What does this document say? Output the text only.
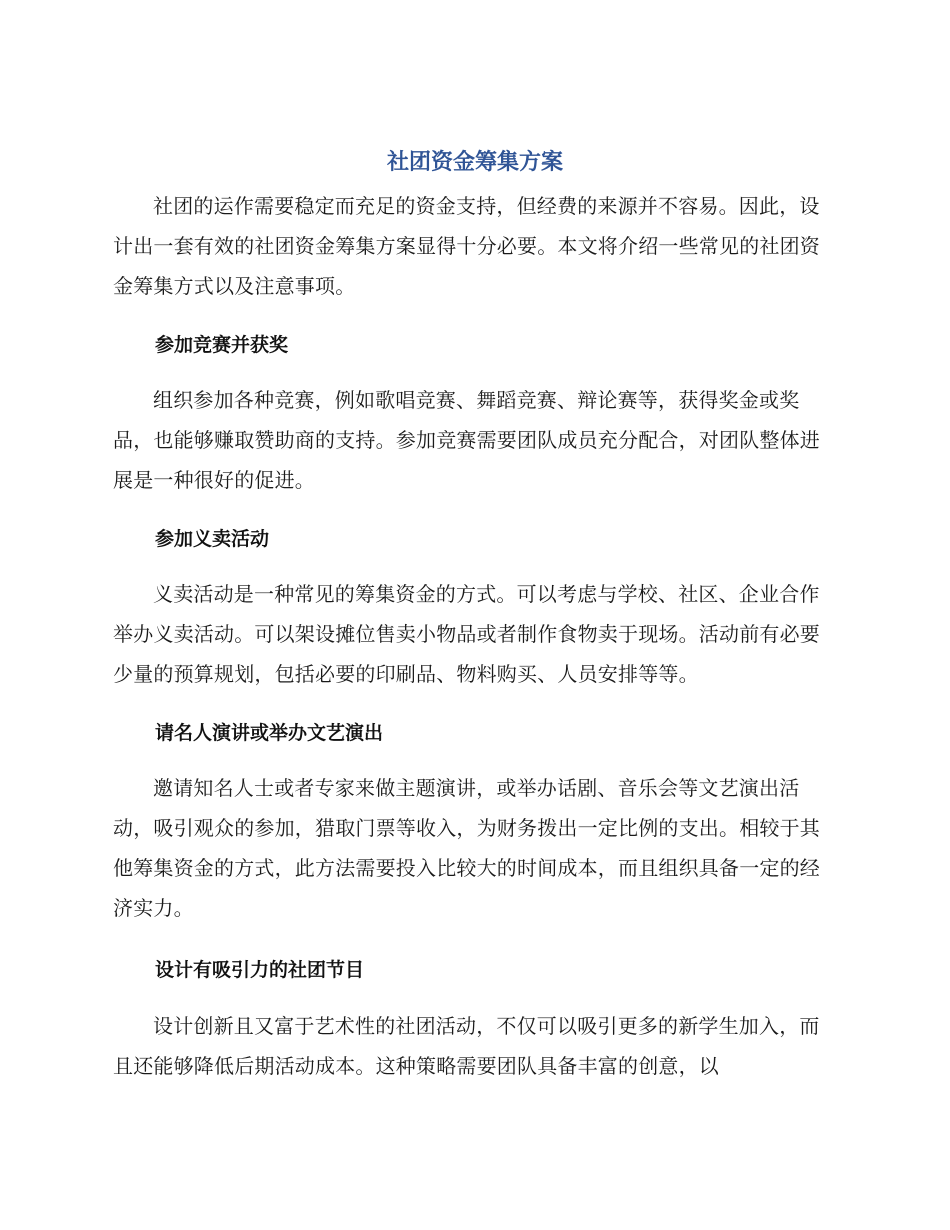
社团资金筹集方案

社团的运作需要稳定而充足的资金支持，但经费的来源并不容易。因此，设计出一套有效的社团资金筹集方案显得十分必要。本文将介绍一些常见的社团资金筹集方式以及注意事项。

参加竞赛并获奖

组织参加各种竞赛，例如歌唱竞赛、舞蹈竞赛、辩论赛等，获得奖金或奖品，也能够赚取赞助商的支持。参加竞赛需要团队成员充分配合，对团队整体进展是一种很好的促进。

参加义卖活动

义卖活动是一种常见的筹集资金的方式。可以考虑与学校、社区、企业合作举办义卖活动。可以架设摊位售卖小物品或者制作食物卖于现场。活动前有必要少量的预算规划，包括必要的印刷品、物料购买、人员安排等等。

请名人演讲或举办文艺演出

邀请知名人士或者专家来做主题演讲，或举办话剧、音乐会等文艺演出活动，吸引观众的参加，猎取门票等收入，为财务拨出一定比例的支出。相较于其他筹集资金的方式，此方法需要投入比较大的时间成本，而且组织具备一定的经济实力。

设计有吸引力的社团节目

设计创新且又富于艺术性的社团活动，不仅可以吸引更多的新学生加入，而且还能够降低后期活动成本。这种策略需要团队具备丰富的创意，以
